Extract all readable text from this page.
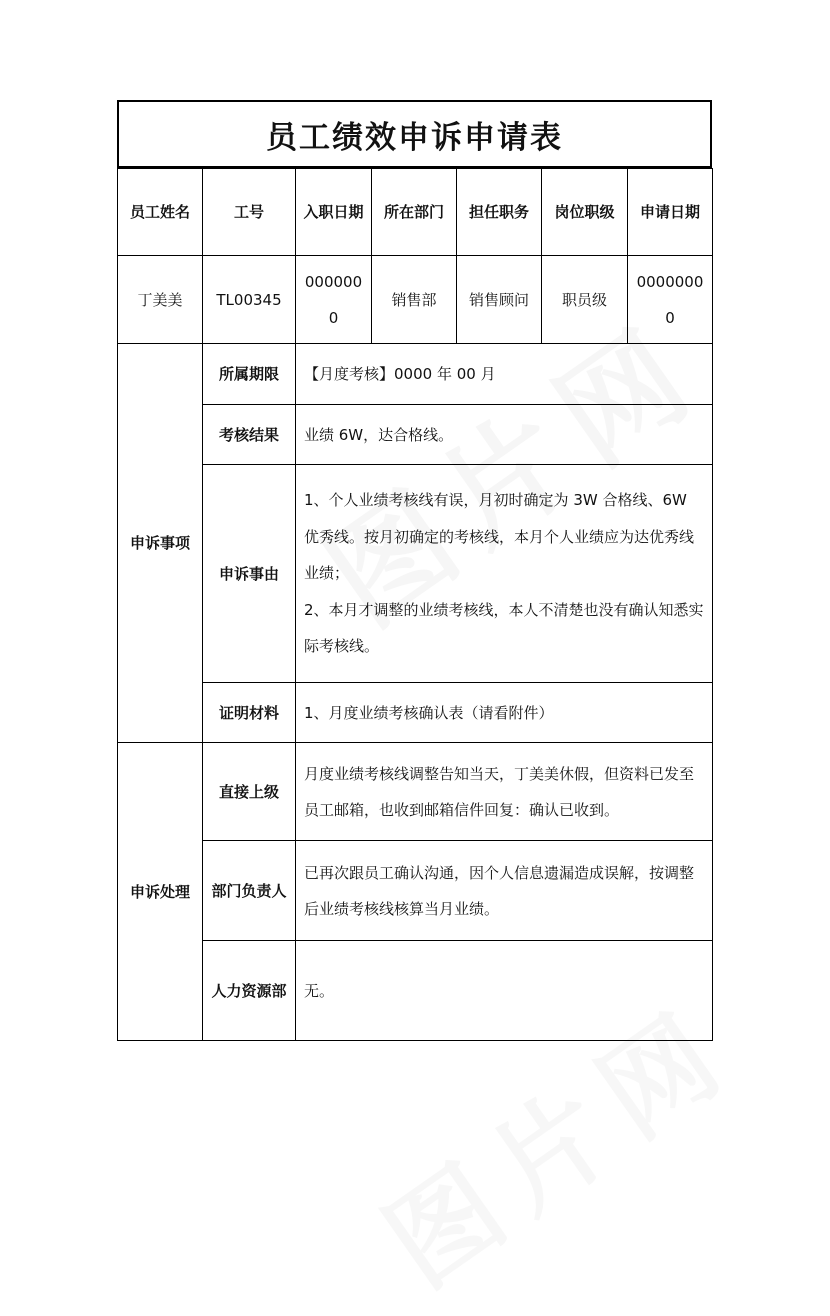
员工绩效申诉申请表
员工姓名	工号	入职日期	所在部门	担任职务	岗位职级	申请日期
丁美美	TL00345	0000000	销售部	销售顾问	职员级	00000000
申诉事项	所属期限	【月度考核】0000 年 00 月				
	考核结果	业绩 6W，达合格线。				
	申诉事由	1、个人业绩考核线有误，月初时确定为 3W 合格线、6W 优秀线。按月初确定的考核线，本月个人业绩应为达优秀线业绩；
2、本月才调整的业绩考核线，本人不清楚也没有确认知悉实际考核线。				

	证明材料	1、月度业绩考核确认表（请看附件）				
申诉处理	直接上级	月度业绩考核线调整告知当天，丁美美休假，但资料已发至员工邮箱，也收到邮箱信件回复：确认已收到。				
	部门负责人	已再次跟员工确认沟通，因个人信息遗漏造成误解，按调整后业绩考核线核算当月业绩。				
	人力资源部	无。				
